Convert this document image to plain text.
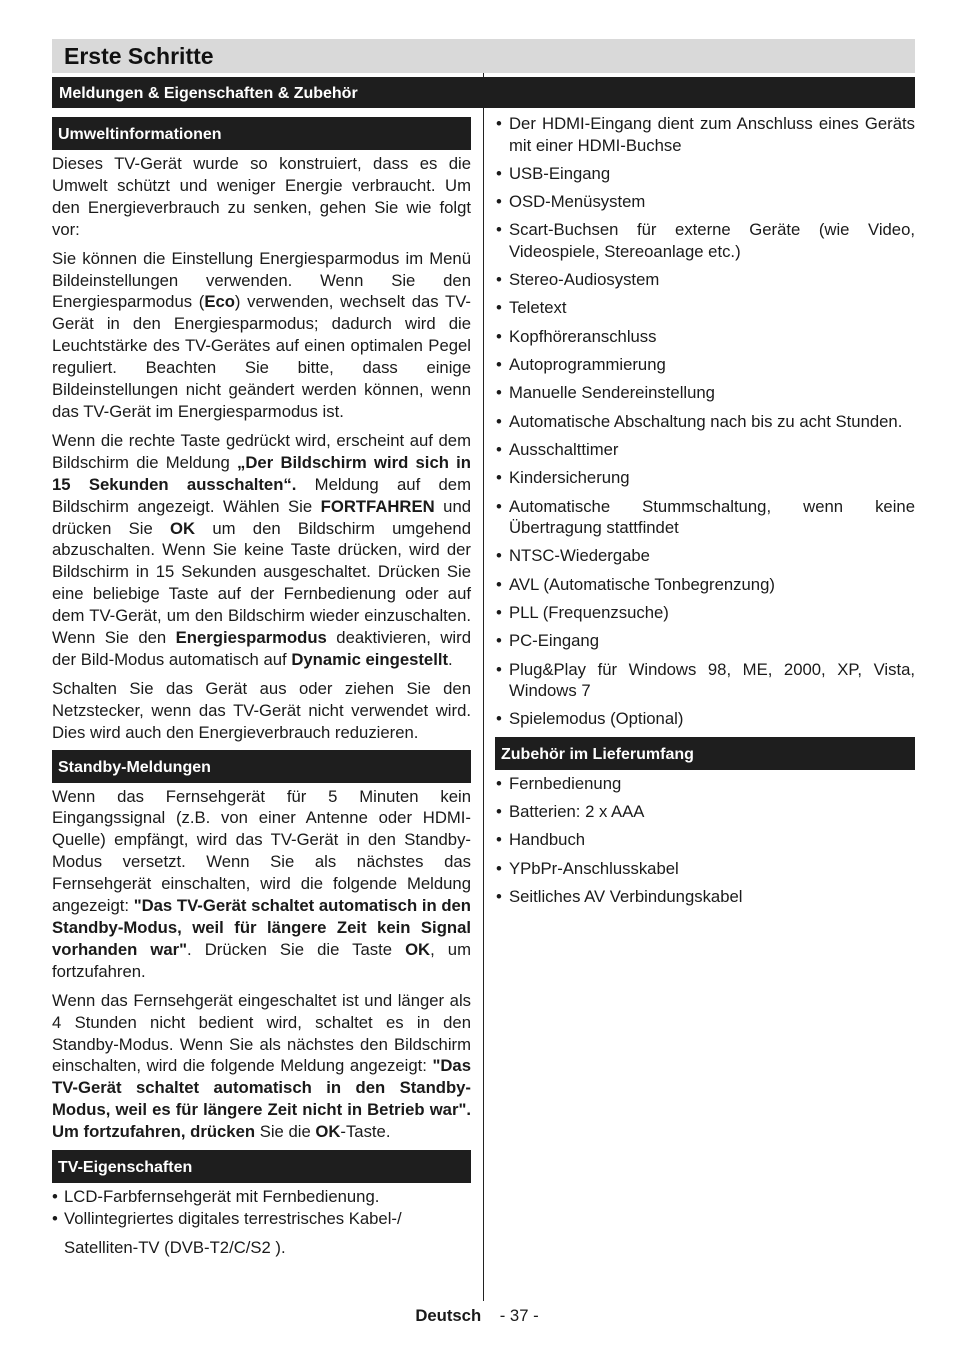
Erste Schritte
Meldungen & Eigenschaften & Zubehör
Umweltinformationen

Dieses TV-Gerät wurde so konstruiert, dass es die Umwelt schützt und weniger Energie verbraucht. Um den Energieverbrauch zu senken, gehen Sie wie folgt vor:

Sie können die Einstellung Energiesparmodus im Menü Bildeinstellungen verwenden. Wenn Sie den Energiesparmodus (Eco) verwenden, wechselt das TV-Gerät in den Energiesparmodus; dadurch wird die Leuchtstärke des TV-Gerätes auf einen optimalen Pegel reguliert. Beachten Sie bitte, dass einige Bildeinstellungen nicht geändert werden können, wenn das TV-Gerät im Energiesparmodus ist.

Wenn die rechte Taste gedrückt wird, erscheint auf dem Bildschirm die Meldung „Der Bildschirm wird sich in 15 Sekunden ausschalten“. Meldung auf dem Bildschirm angezeigt. Wählen Sie FORTFAHREN und drücken Sie OK um den Bildschirm umgehend abzuschalten. Wenn Sie keine Taste drücken, wird der Bildschirm in 15 Sekunden ausgeschaltet. Drücken Sie eine beliebige Taste auf der Fernbedienung oder auf dem TV-Gerät, um den Bildschirm wieder einzuschalten. Wenn Sie den Energiesparmodus deaktivieren, wird der Bild-Modus automatisch auf Dynamic eingestellt.

Schalten Sie das Gerät aus oder ziehen Sie den Netzstecker, wenn das TV-Gerät nicht verwendet wird. Dies wird auch den Energieverbrauch reduzieren.

Standby-Meldungen

Wenn das Fernsehgerät für 5 Minuten kein Eingangssignal (z.B. von einer Antenne oder HDMI-Quelle) empfängt, wird das TV-Gerät in den Standby-Modus versetzt. Wenn Sie als nächstes das Fernsehgerät einschalten, wird die folgende Meldung angezeigt: "Das TV-Gerät schaltet automatisch in den Standby-Modus, weil für längere Zeit kein Signal vorhanden war". Drücken Sie die Taste OK, um fortzufahren.

Wenn das Fernsehgerät eingeschaltet ist und länger als 4 Stunden nicht bedient wird, schaltet es in den Standby-Modus. Wenn Sie als nächstes den Bildschirm einschalten, wird die folgende Meldung angezeigt: "Das TV-Gerät schaltet automatisch in den Standby-Modus, weil es für längere Zeit nicht in Betrieb war". Um fortzufahren, drücken Sie die OK-Taste.

TV-Eigenschaften
• LCD-Farbfernsehgerät mit Fernbedienung.
• Vollintegriertes digitales terrestrisches Kabel-/

Satelliten-TV (DVB-T2/C/S2 ).

• Der HDMI-Eingang dient zum Anschluss eines Geräts mit einer HDMI-Buchse
• USB-Eingang
• OSD-Menüsystem
• Scart-Buchsen für externe Geräte (wie Video, Videospiele, Stereoanlage etc.)
• Stereo-Audiosystem
• Teletext
• Kopfhöreranschluss
• Autoprogrammierung
• Manuelle Sendereinstellung
• Automatische Abschaltung nach bis zu acht Stunden.
• Ausschalttimer
• Kindersicherung
• Automatische Stummschaltung, wenn keine Übertragung stattfindet
• NTSC-Wiedergabe
• AVL (Automatische Tonbegrenzung)
• PLL (Frequenzsuche)
• PC-Eingang
• Plug&Play für Windows 98, ME, 2000, XP, Vista, Windows 7
• Spielemodus (Optional)
Zubehör im Lieferumfang
• Fernbedienung
• Batterien: 2 x AAA
• Handbuch
• YPbPr-Anschlusskabel
• Seitliches AV Verbindungskabel
Deutsch - 37 -
